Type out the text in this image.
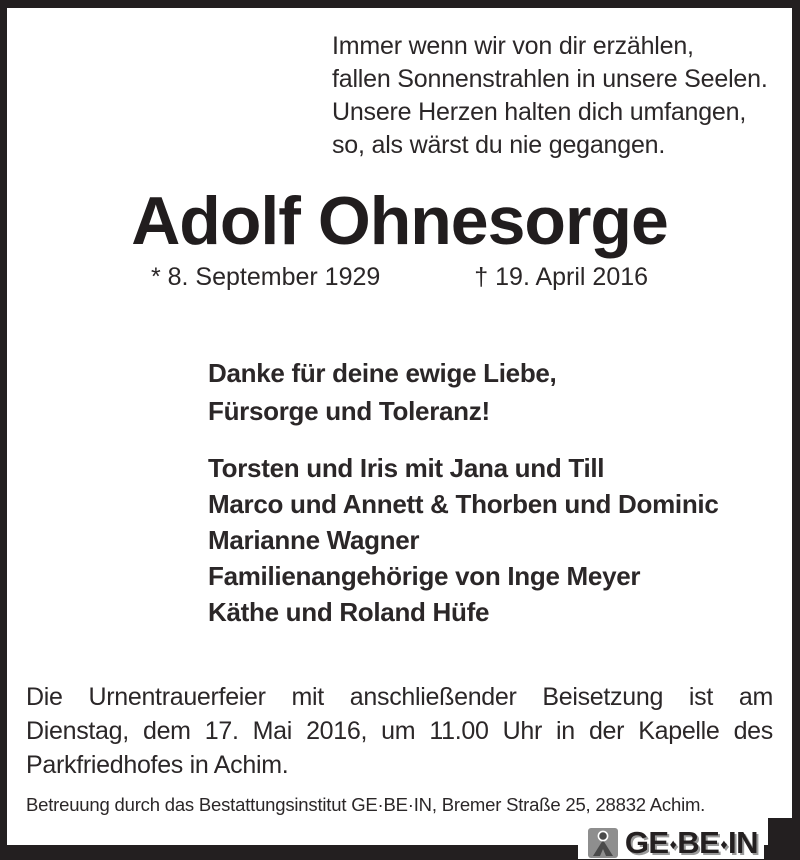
Immer wenn wir von dir erzählen,
fallen Sonnenstrahlen in unsere Seelen.
Unsere Herzen halten dich umfangen,
so, als wärst du nie gegangen.
Adolf Ohnesorge
* 8. September 1929	† 19. April 2016
Danke für deine ewige Liebe,
Fürsorge und Toleranz!
Torsten und Iris mit Jana und Till
Marco und Annett & Thorben und Dominic
Marianne Wagner
Familienangehörige von Inge Meyer
Käthe und Roland Hüfe
Die Urnentrauerfeier mit anschließender Beisetzung ist am
Dienstag, dem 17. Mai 2016, um 11.00 Uhr in der Kapelle des
Parkfriedhofes in Achim.
Betreuung durch das Bestattungsinstitut GE·BE·IN, Bremer Straße 25, 28832 Achim.
GE♦BE♦IN
